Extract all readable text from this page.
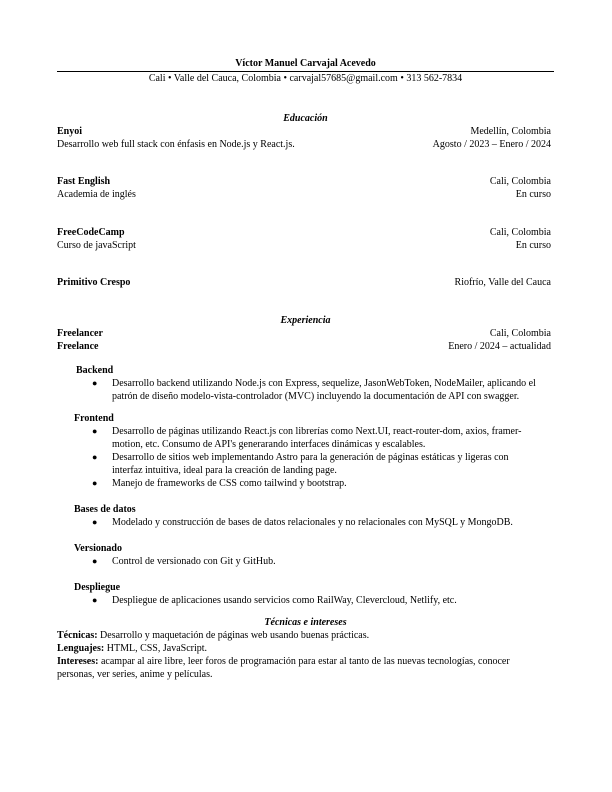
Víctor Manuel Carvajal Acevedo
Cali • Valle del Cauca, Colombia • carvajal57685@gmail.com • 313 562-7834
Educación
Enyoi	Medellín, Colombia
Desarrollo web full stack con énfasis en Node.js y React.js.	Agosto / 2023 – Enero / 2024
Fast English	Cali, Colombia
Academia de inglés	En curso
FreeCodeCamp	Cali, Colombia
Curso de javaScript	En curso
Primitivo Crespo	Riofrío, Valle del Cauca
Experiencia
Freelancer	Cali, Colombia
Freelance	Enero / 2024 – actualidad
Backend
● Desarrollo backend utilizando Node.js con Express, sequelize, JasonWebToken, NodeMailer, aplicando el patrón de diseño modelo-vista-controlador (MVC) incluyendo la documentación de API con swagger.
Frontend
● Desarrollo de páginas utilizando React.js con librerías como Next.UI, react-router-dom, axios, framer-motion, etc. Consumo de API's generarando interfaces dinámicas y escalables.
● Desarrollo de sitios web implementando Astro para la generación de páginas estáticas y ligeras con interfaz intuitiva, ideal para la creación de landing page.
● Manejo de frameworks de CSS como tailwind y bootstrap.
Bases de datos
● Modelado y construcción de bases de datos relacionales y no relacionales con MySQL y MongoDB.
Versionado
● Control de versionado con Git y GitHub.
Despliegue
● Despliegue de aplicaciones usando servicios como RailWay, Clevercloud, Netlify, etc.
Técnicas e intereses
Técnicas: Desarrollo y maquetación de páginas web usando buenas prácticas.
Lenguajes: HTML, CSS, JavaScript.
Intereses: acampar al aire libre, leer foros de programación para estar al tanto de las nuevas tecnologías, conocer personas, ver series, anime y películas.
